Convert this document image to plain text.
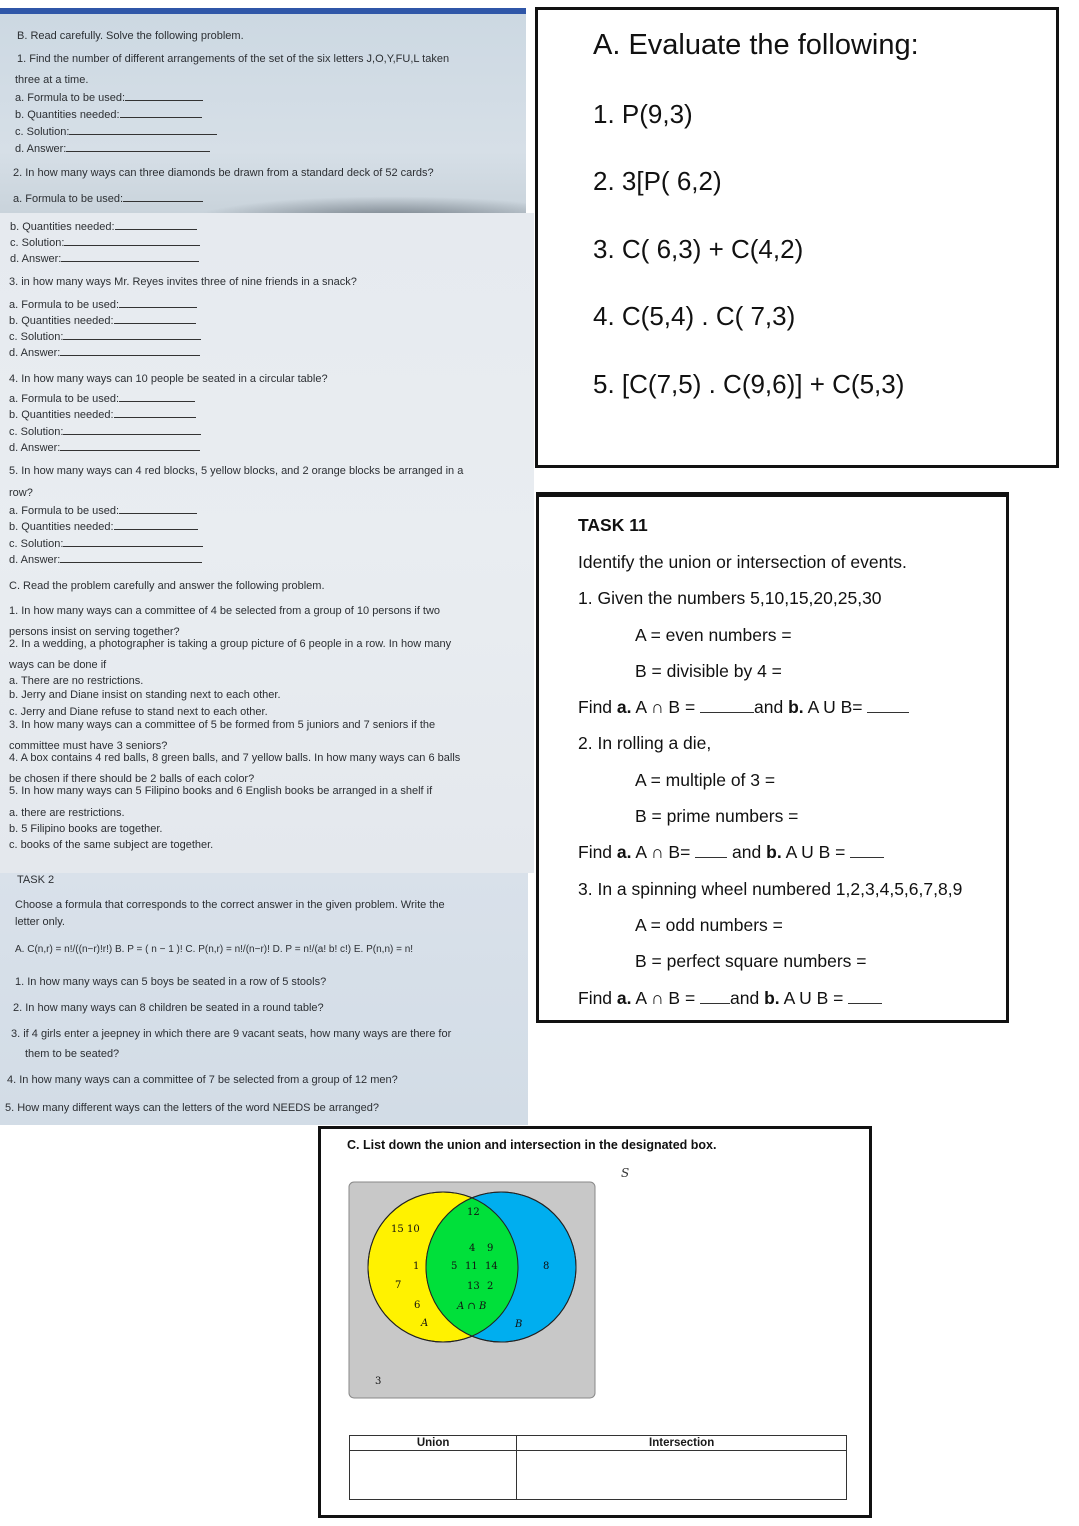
B. Read carefully. Solve the following problem.
1. Find the number of different arrangements of the set of the six letters J,O,Y,FU,L taken
three at a time.
a. Formula to be used:
b. Quantities needed:
c. Solution:
d. Answer:
2. In how many ways can three diamonds be drawn from a standard deck of 52 cards?
a. Formula to be used:
b. Quantities needed:
c. Solution:
d. Answer:
3. in how many ways Mr. Reyes invites three of nine friends in a snack?
a. Formula to be used:
b. Quantities needed:
c. Solution:
d. Answer:
4. In how many ways can 10 people be seated in a circular table?
a. Formula to be used:
b. Quantities needed:
c. Solution:
d. Answer:
5. In how many ways can 4 red blocks, 5 yellow blocks, and 2 orange blocks be arranged in a
row?
a. Formula to be used:
b. Quantities needed:
c. Solution:
d. Answer:
C. Read the problem carefully and answer the following problem.
1. In how many ways can a committee of 4 be selected from a group of 10 persons if two
persons insist on serving together?
2. In a wedding, a photographer is taking a group picture of 6 people in a row. In how many
ways can be done if
a. There are no restrictions.
b. Jerry and Diane insist on standing next to each other.
c. Jerry and Diane refuse to stand next to each other.
3. In how many ways can a committee of 5 be formed from 5 juniors and 7 seniors if the
committee must have 3 seniors?
4. A box contains 4 red balls, 8 green balls, and 7 yellow balls. In how many ways can 6 balls
be chosen if there should be 2 balls of each color?
5. In how many ways can 5 Filipino books and 6 English books be arranged in a shelf if
a. there are restrictions.
b. 5 Filipino books are together.
c. books of the same subject are together.
TASK 2
Choose a formula that corresponds to the correct answer in the given problem. Write the
letter only.
A. C(n,r) = n!/((n−r)!r!) B. P = ( n − 1 )! C. P(n,r) = n!/(n−r)! D. P = n!/(a! b! c!) E. P(n,n) = n!
1. In how many ways can 5 boys be seated in a row of 5 stools?
2. In how many ways can 8 children be seated in a round table?
3. if 4 girls enter a jeepney in which there are 9 vacant seats, how many ways are there for
them to be seated?
4. In how many ways can a committee of 7 be selected from a group of 12 men?
5. How many different ways can the letters of the word NEEDS be arranged?
A. Evaluate the following:
1. P(9,3)
2. 3[P( 6,2)
3. C( 6,3) + C(4,2)
4. C(5,4) . C( 7,3)
5. [C(7,5) . C(9,6)] + C(5,3)
TASK 11
Identify the union or intersection of events.
1. Given the numbers 5,10,15,20,25,30
A = even numbers =
B = divisible by 4 =
Find a. A ∩ B =	and b. A U B=
2. In rolling a die,
A = multiple of 3 =
B = prime numbers =
Find a. A ∩ B=  and b. A U B =
3. In a spinning wheel numbered 1,2,3,4,5,6,7,8,9
A = odd numbers =
B = perfect square numbers =
Find a. A ∩ B = and b. A U B =
C. List down the union and intersection in the designated box.
S
15 10
1
7
6
12
8
4 9
5 11 14
13 2
3
A
A ∩ B
B
Union	Intersection
